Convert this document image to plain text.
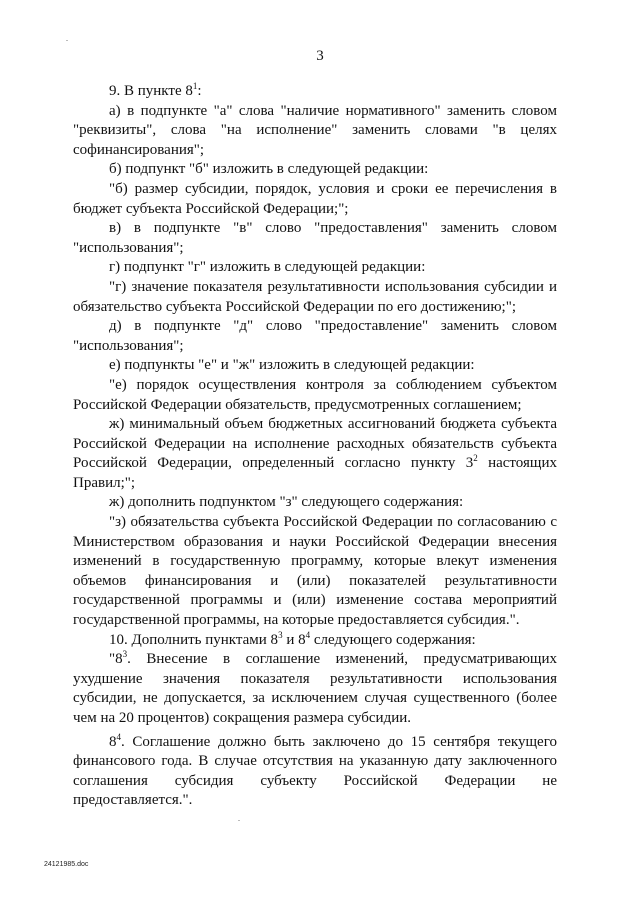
3

9. В пункте $8^1$:

а) в подпункте "а" слова "наличие нормативного" заменить словом "реквизиты", слова "на исполнение" заменить словами "в целях софинансирования";

б) подпункт "б" изложить в следующей редакции:

"б) размер субсидии, порядок, условия и сроки ее перечисления в бюджет субъекта Российской Федерации;";

в) в подпункте "в" слово "предоставления" заменить словом "использования";

г) подпункт "г" изложить в следующей редакции:

"г) значение показателя результативности использования субсидии и обязательство субъекта Российской Федерации по его достижению;";

д) в подпункте "д" слово "предоставление" заменить словом "использования";

е) подпункты "е" и "ж" изложить в следующей редакции:

"е) порядок осуществления контроля за соблюдением субъектом Российской Федерации обязательств, предусмотренных соглашением;

ж) минимальный объем бюджетных ассигнований бюджета субъекта Российской Федерации на исполнение расходных обязательств субъекта Российской Федерации, определенный согласно пункту $3^2$ настоящих Правил;";

ж) дополнить подпунктом "з" следующего содержания:

"з) обязательства субъекта Российской Федерации по согласованию с Министерством образования и науки Российской Федерации внесения изменений в государственную программу, которые влекут изменения объемов финансирования и (или) показателей результативности государственной программы и (или) изменение состава мероприятий государственной программы, на которые предоставляется субсидия.".

10. Дополнить пунктами $8^3$ и $8^4$ следующего содержания:

"$8^3$. Внесение в соглашение изменений, предусматривающих ухудшение значения показателя результативности использования субсидии, не допускается, за исключением случая существенного (более чем на 20 процентов) сокращения размера субсидии.

$8^4$. Соглашение должно быть заключено до 15 сентября текущего финансового года. В случае отсутствия на указанную дату заключенного соглашения субсидия субъекту Российской Федерации не предоставляется.".

24121985.doc
